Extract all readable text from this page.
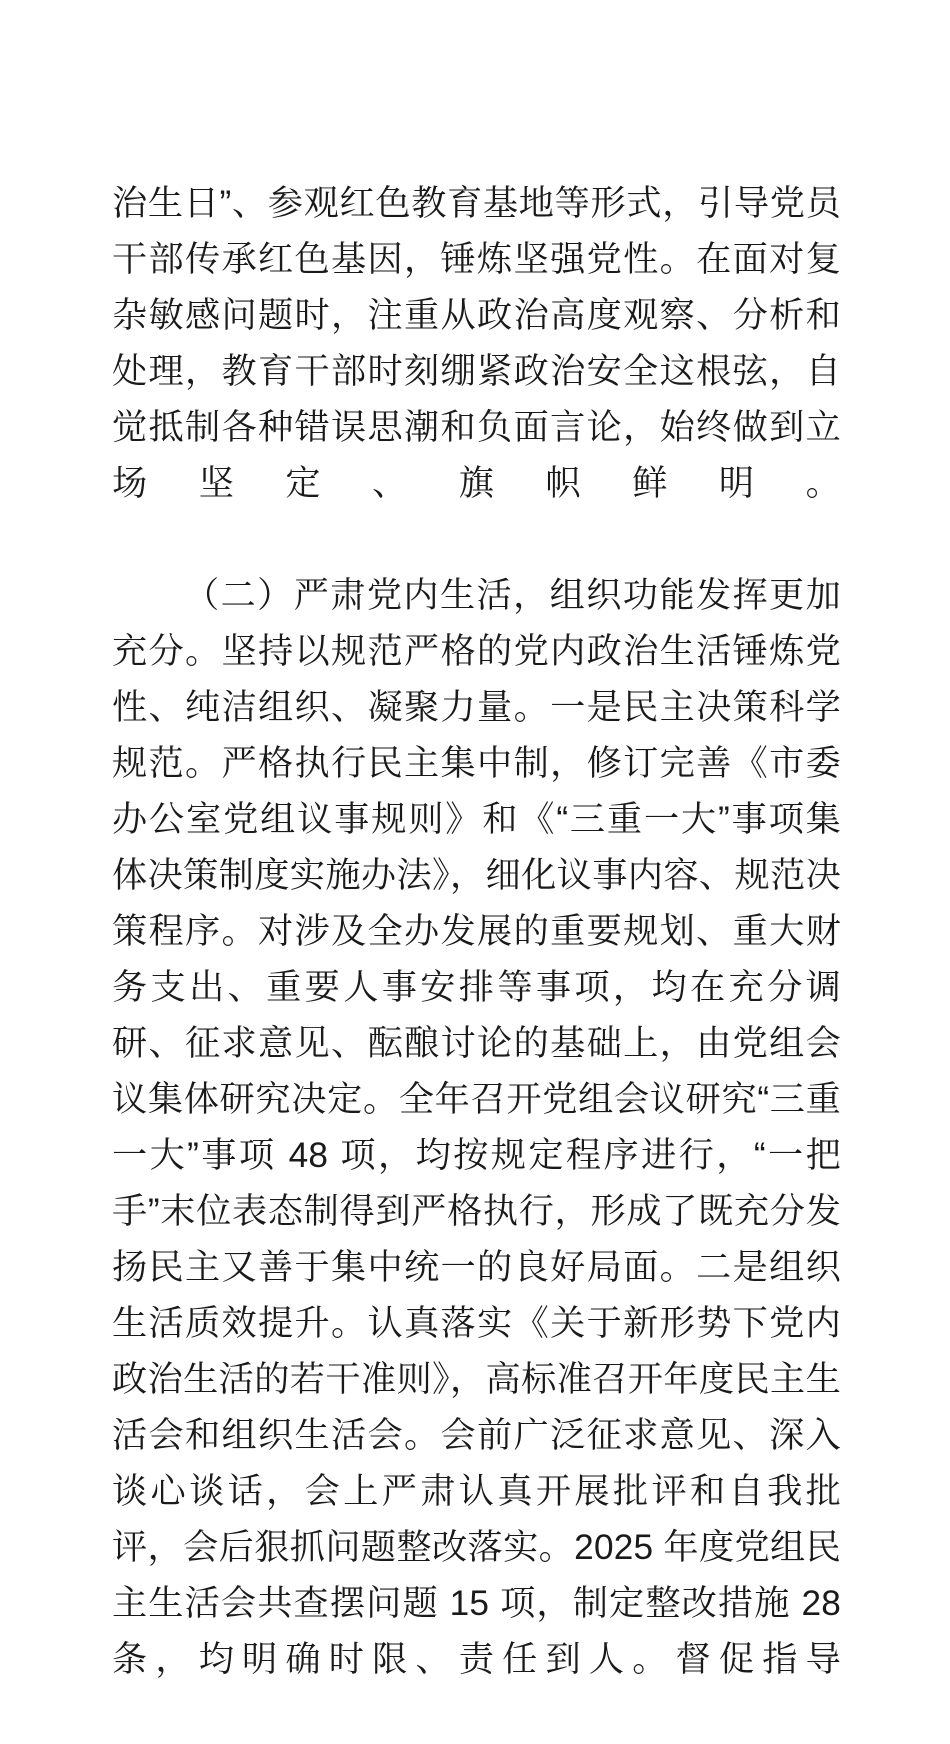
治生日”、参观红色教育基地等形式，引导党员干部传承红色基因，锤炼坚强党性。在面对复杂敏感问题时，注重从政治高度观察、分析和处理，教育干部时刻绷紧政治安全这根弦，自觉抵制各种错误思潮和负面言论，始终做到立场坚定、旗帜鲜明。

（二）严肃党内生活，组织功能发挥更加充分。坚持以规范严格的党内政治生活锤炼党性、纯洁组织、凝聚力量。一是民主决策科学规范。严格执行民主集中制，修订完善《市委办公室党组议事规则》和《“三重一大”事项集体决策制度实施办法》，细化议事内容、规范决策程序。对涉及全办发展的重要规划、重大财务支出、重要人事安排等事项，均在充分调研、征求意见、酝酿讨论的基础上，由党组会议集体研究决定。全年召开党组会议研究“三重一大”事项 48 项，均按规定程序进行，“一把手”末位表态制得到严格执行，形成了既充分发扬民主又善于集中统一的良好局面。二是组织生活质效提升。认真落实《关于新形势下党内政治生活的若干准则》，高标准召开年度民主生活会和组织生活会。会前广泛征求意见、深入谈心谈话，会上严肃认真开展批评和自我批评，会后狠抓问题整改落实。2025 年度党组民主生活会共查摆问题 15 项，制定整改措施 28 条，均明确时限、责任到人。督促指导
